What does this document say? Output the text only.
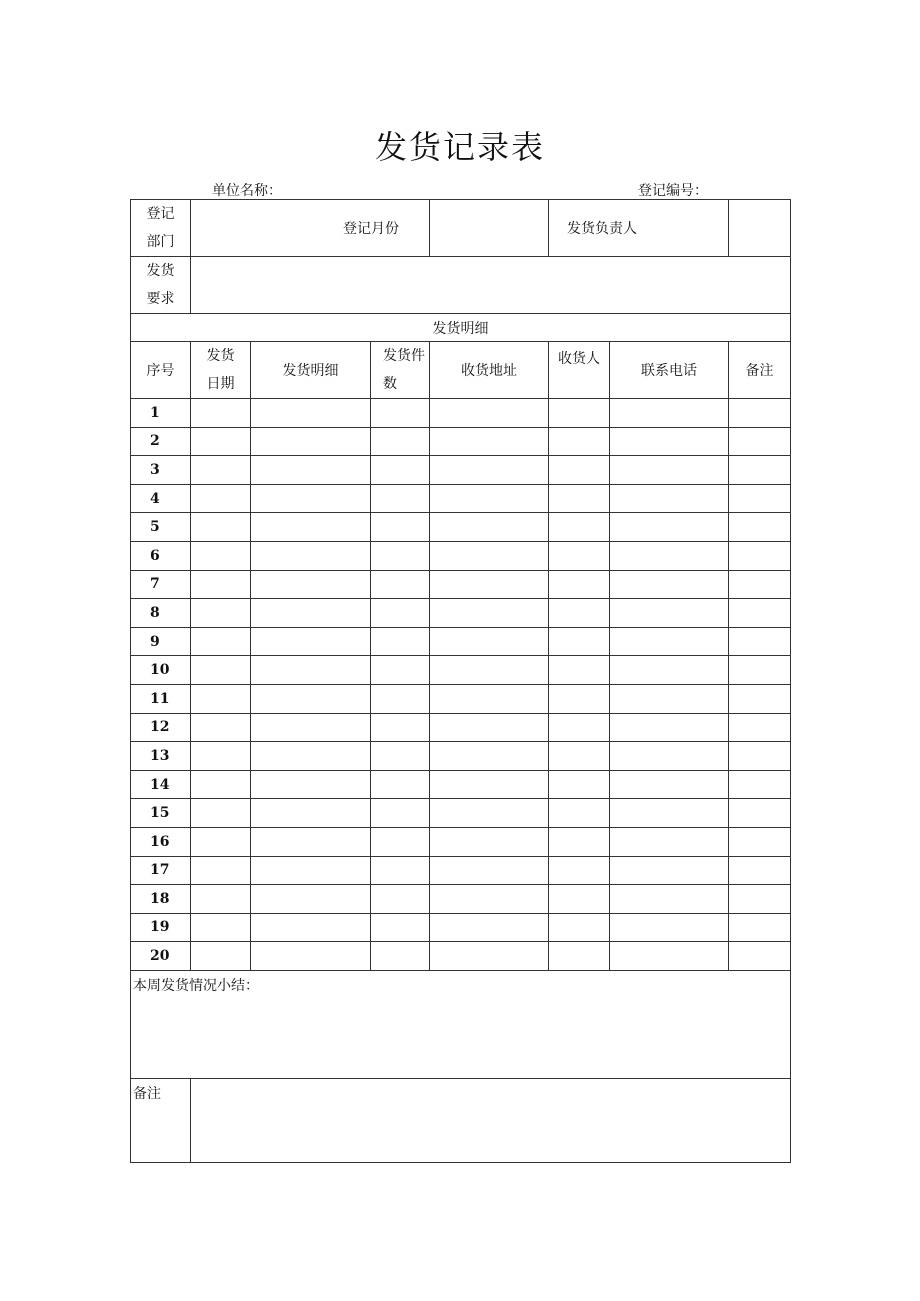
发货记录表
单位名称：	登记编号：
登记部门	登记月份				发货负责人		
发货要求							
发货明细							
序号	发货日期	发货明细	发货件数	收货地址	收货人	联系电话	备注
1							
2							
3							
4							
5							
6							
7							
8							
9							
10							
11							
12							
13							
14							
15							
16							
17							
18							
19							
20							
本周发货情况小结：							
备注							
